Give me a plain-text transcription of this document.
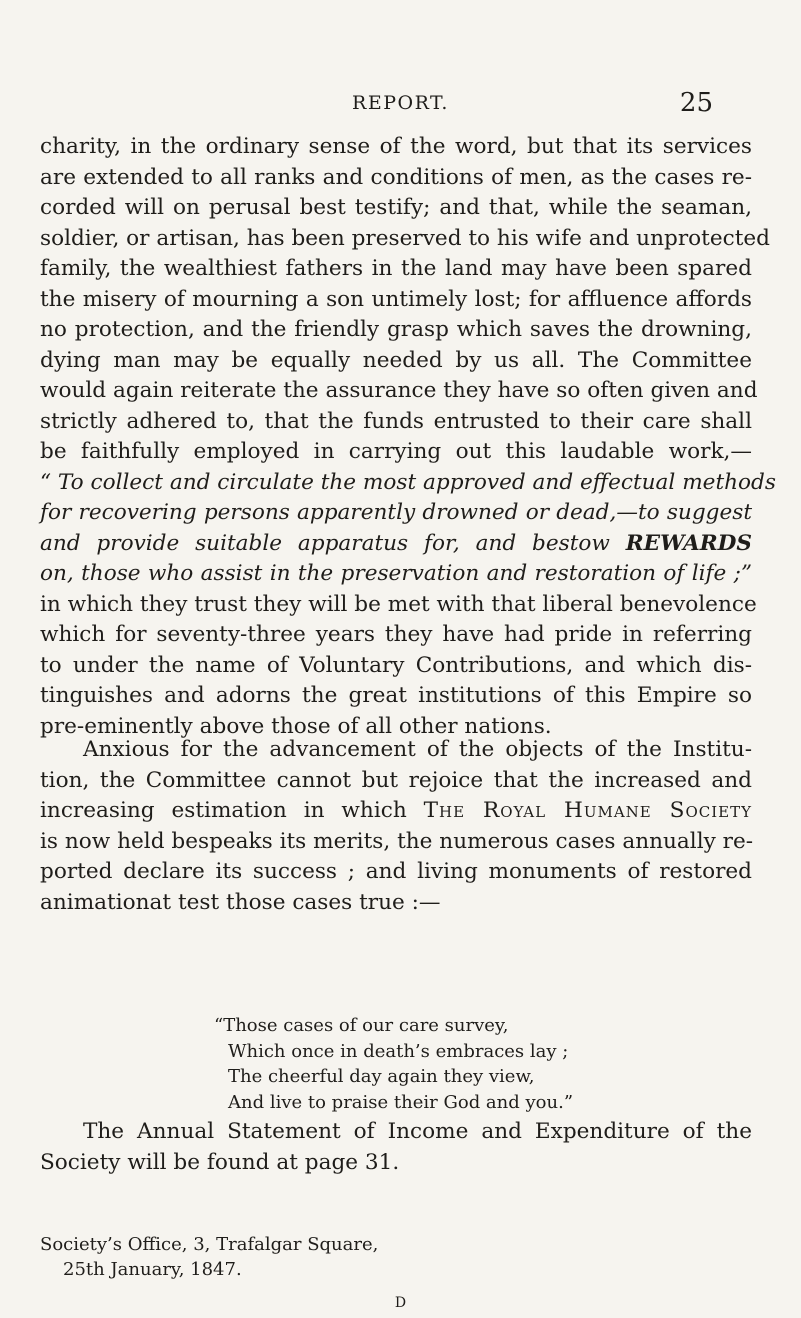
REPORT.	25
charity, in the ordinary sense of the word, but that its services
are extended to all ranks and conditions of men, as the cases re-
corded will on perusal best testify; and that, while the seaman,
soldier, or artisan, has been preserved to his wife and unprotected
family, the wealthiest fathers in the land may have been spared
the misery of mourning a son untimely lost; for affluence affords
no protection, and the friendly grasp which saves the drowning,
dying man may be equally needed by us all. The Committee
would again reiterate the assurance they have so often given and
strictly adhered to, that the funds entrusted to their care shall
be faithfully employed in carrying out this laudable work,—
“ To collect and circulate the most approved and effectual methods
for recovering persons apparently drowned or dead,—to suggest
and provide suitable apparatus for, and bestow REWARDS
on, those who assist in the preservation and restoration of life ;”
in which they trust they will be met with that liberal benevolence
which for seventy-three years they have had pride in referring
to under the name of Voluntary Contributions, and which dis-
tinguishes and adorns the great institutions of this Empire so
pre-eminently above those of all other nations.
Anxious for the advancement of the objects of the Institu-
tion, the Committee cannot but rejoice that the increased and
increasing estimation in which The Royal Humane Society
is now held bespeaks its merits, the numerous cases annually re-
ported declare its success ; and living monuments of restored
animationat test those cases true :—
“Those cases of our care survey,
Which once in death’s embraces lay ;
The cheerful day again they view,
And live to praise their God and you.”
The Annual Statement of Income and Expenditure of the
Society will be found at page 31.
Society’s Office, 3, Trafalgar Square,
25th January, 1847.
D
